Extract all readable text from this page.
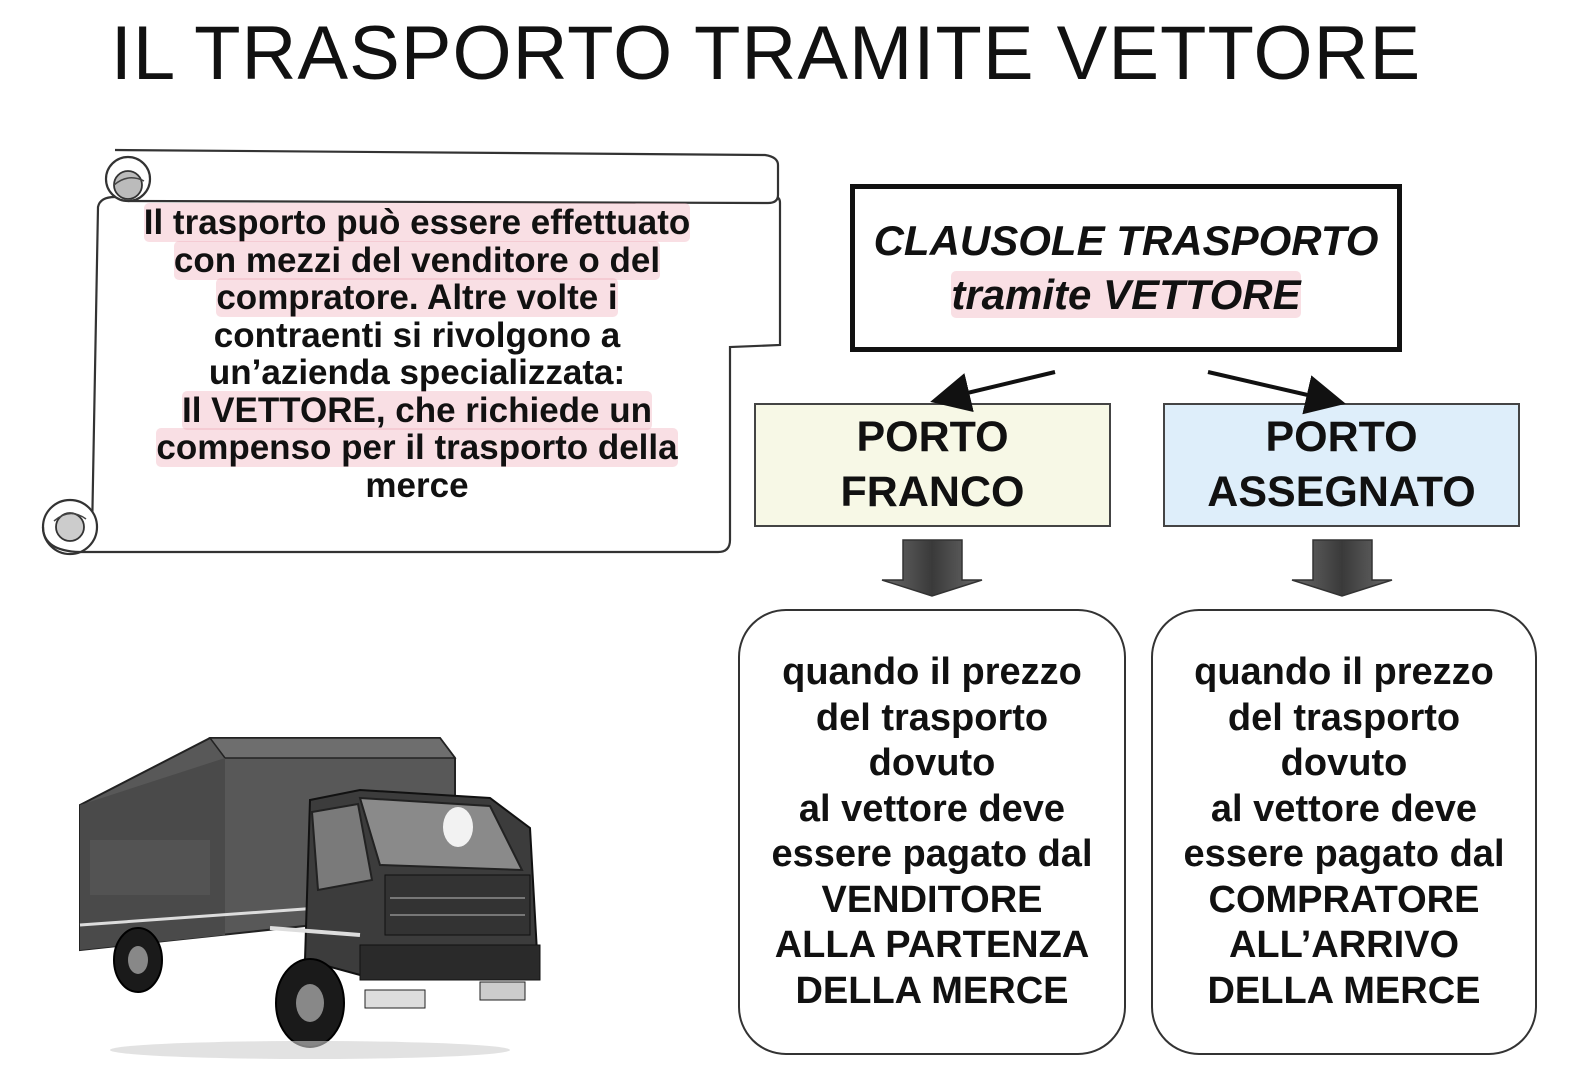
IL TRASPORTO TRAMITE VETTORE
Il trasporto può essere effettuato
con mezzi del venditore o del
compratore. Altre volte i
contraenti si rivolgono a
un’azienda specializzata:
Il VETTORE, che richiede un
compenso per il trasporto della
merce
CLAUSOLE TRASPORTO
tramite VETTORE
PORTO
FRANCO
PORTO
ASSEGNATO
quando il prezzo
del trasporto
dovuto
al vettore deve
essere pagato dal
VENDITORE
ALLA PARTENZA
DELLA MERCE
quando il prezzo
del trasporto
dovuto
al vettore deve
essere pagato dal
COMPRATORE
ALL’ARRIVO
DELLA MERCE
